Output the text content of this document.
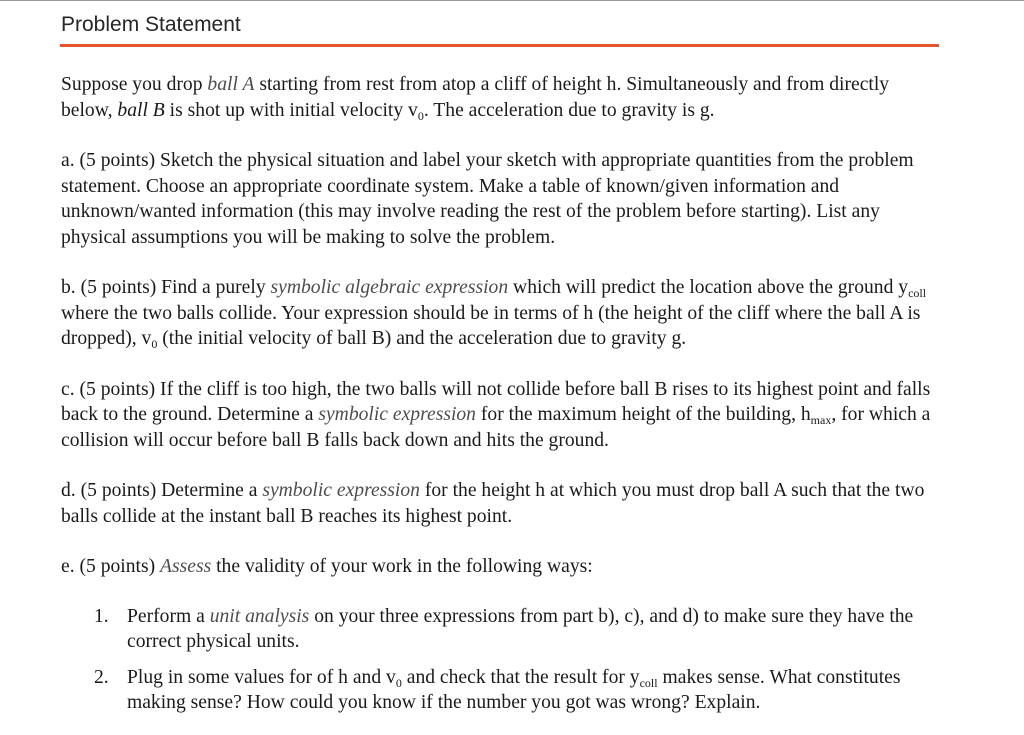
Problem Statement

Suppose you drop ball A starting from rest from atop a cliff of height h. Simultaneously and from directly below, ball B is shot up with initial velocity $v_0$. The acceleration due to gravity is g.

a. (5 points) Sketch the physical situation and label your sketch with appropriate quantities from the problem statement. Choose an appropriate coordinate system. Make a table of known/given information and unknown/wanted information (this may involve reading the rest of the problem before starting). List any physical assumptions you will be making to solve the problem.

b. (5 points) Find a purely symbolic algebraic expression which will predict the location above the ground $y_{coll}$ where the two balls collide. Your expression should be in terms of h (the height of the cliff where the ball A is dropped), $v_0$ (the initial velocity of ball B) and the acceleration due to gravity g.

c. (5 points) If the cliff is too high, the two balls will not collide before ball B rises to its highest point and falls back to the ground. Determine a symbolic expression for the maximum height of the building, $h_{max}$, for which a collision will occur before ball B falls back down and hits the ground.

d. (5 points) Determine a symbolic expression for the height h at which you must drop ball A such that the two balls collide at the instant ball B reaches its highest point.

e. (5 points) Assess the validity of your work in the following ways:

1. Perform a unit analysis on your three expressions from part b), c), and d) to make sure they have the correct physical units.
2. Plug in some values for of h and $v_0$ and check that the result for $y_{coll}$ makes sense. What constitutes making sense? How could you know if the number you got was wrong? Explain.
